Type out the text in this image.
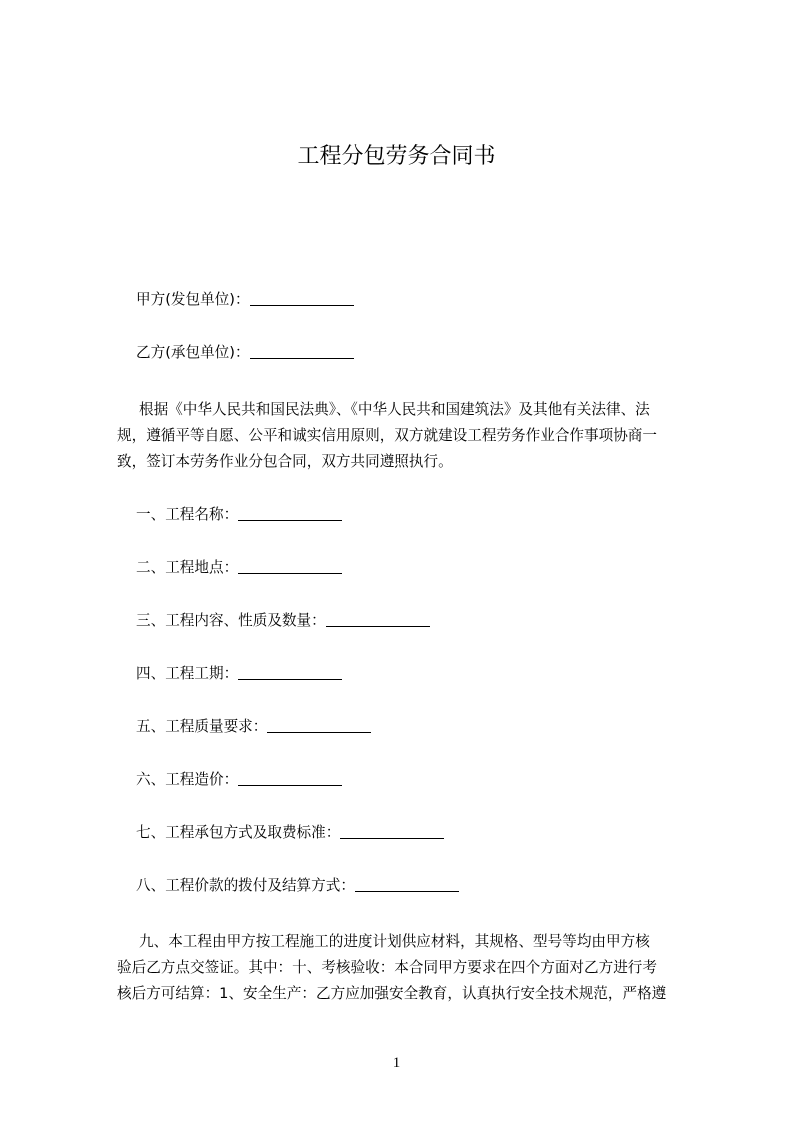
工程分包劳务合同书
甲方(发包单位)：
乙方(承包单位)：
根据《中华人民共和国民法典》、《中华人民共和国建筑法》及其他有关法律、法
规，遵循平等自愿、公平和诚实信用原则，双方就建设工程劳务作业合作事项协商一
致，签订本劳务作业分包合同，双方共同遵照执行。
一、工程名称：
二、工程地点：
三、工程内容、性质及数量：
四、工程工期：
五、工程质量要求：
六、工程造价：
七、工程承包方式及取费标准：
八、工程价款的拨付及结算方式：
九、本工程由甲方按工程施工的进度计划供应材料，其规格、型号等均由甲方核
验后乙方点交签证。其中：十、考核验收：本合同甲方要求在四个方面对乙方进行考
核后方可结算：1、安全生产：乙方应加强安全教育，认真执行安全技术规范，严格遵
1
